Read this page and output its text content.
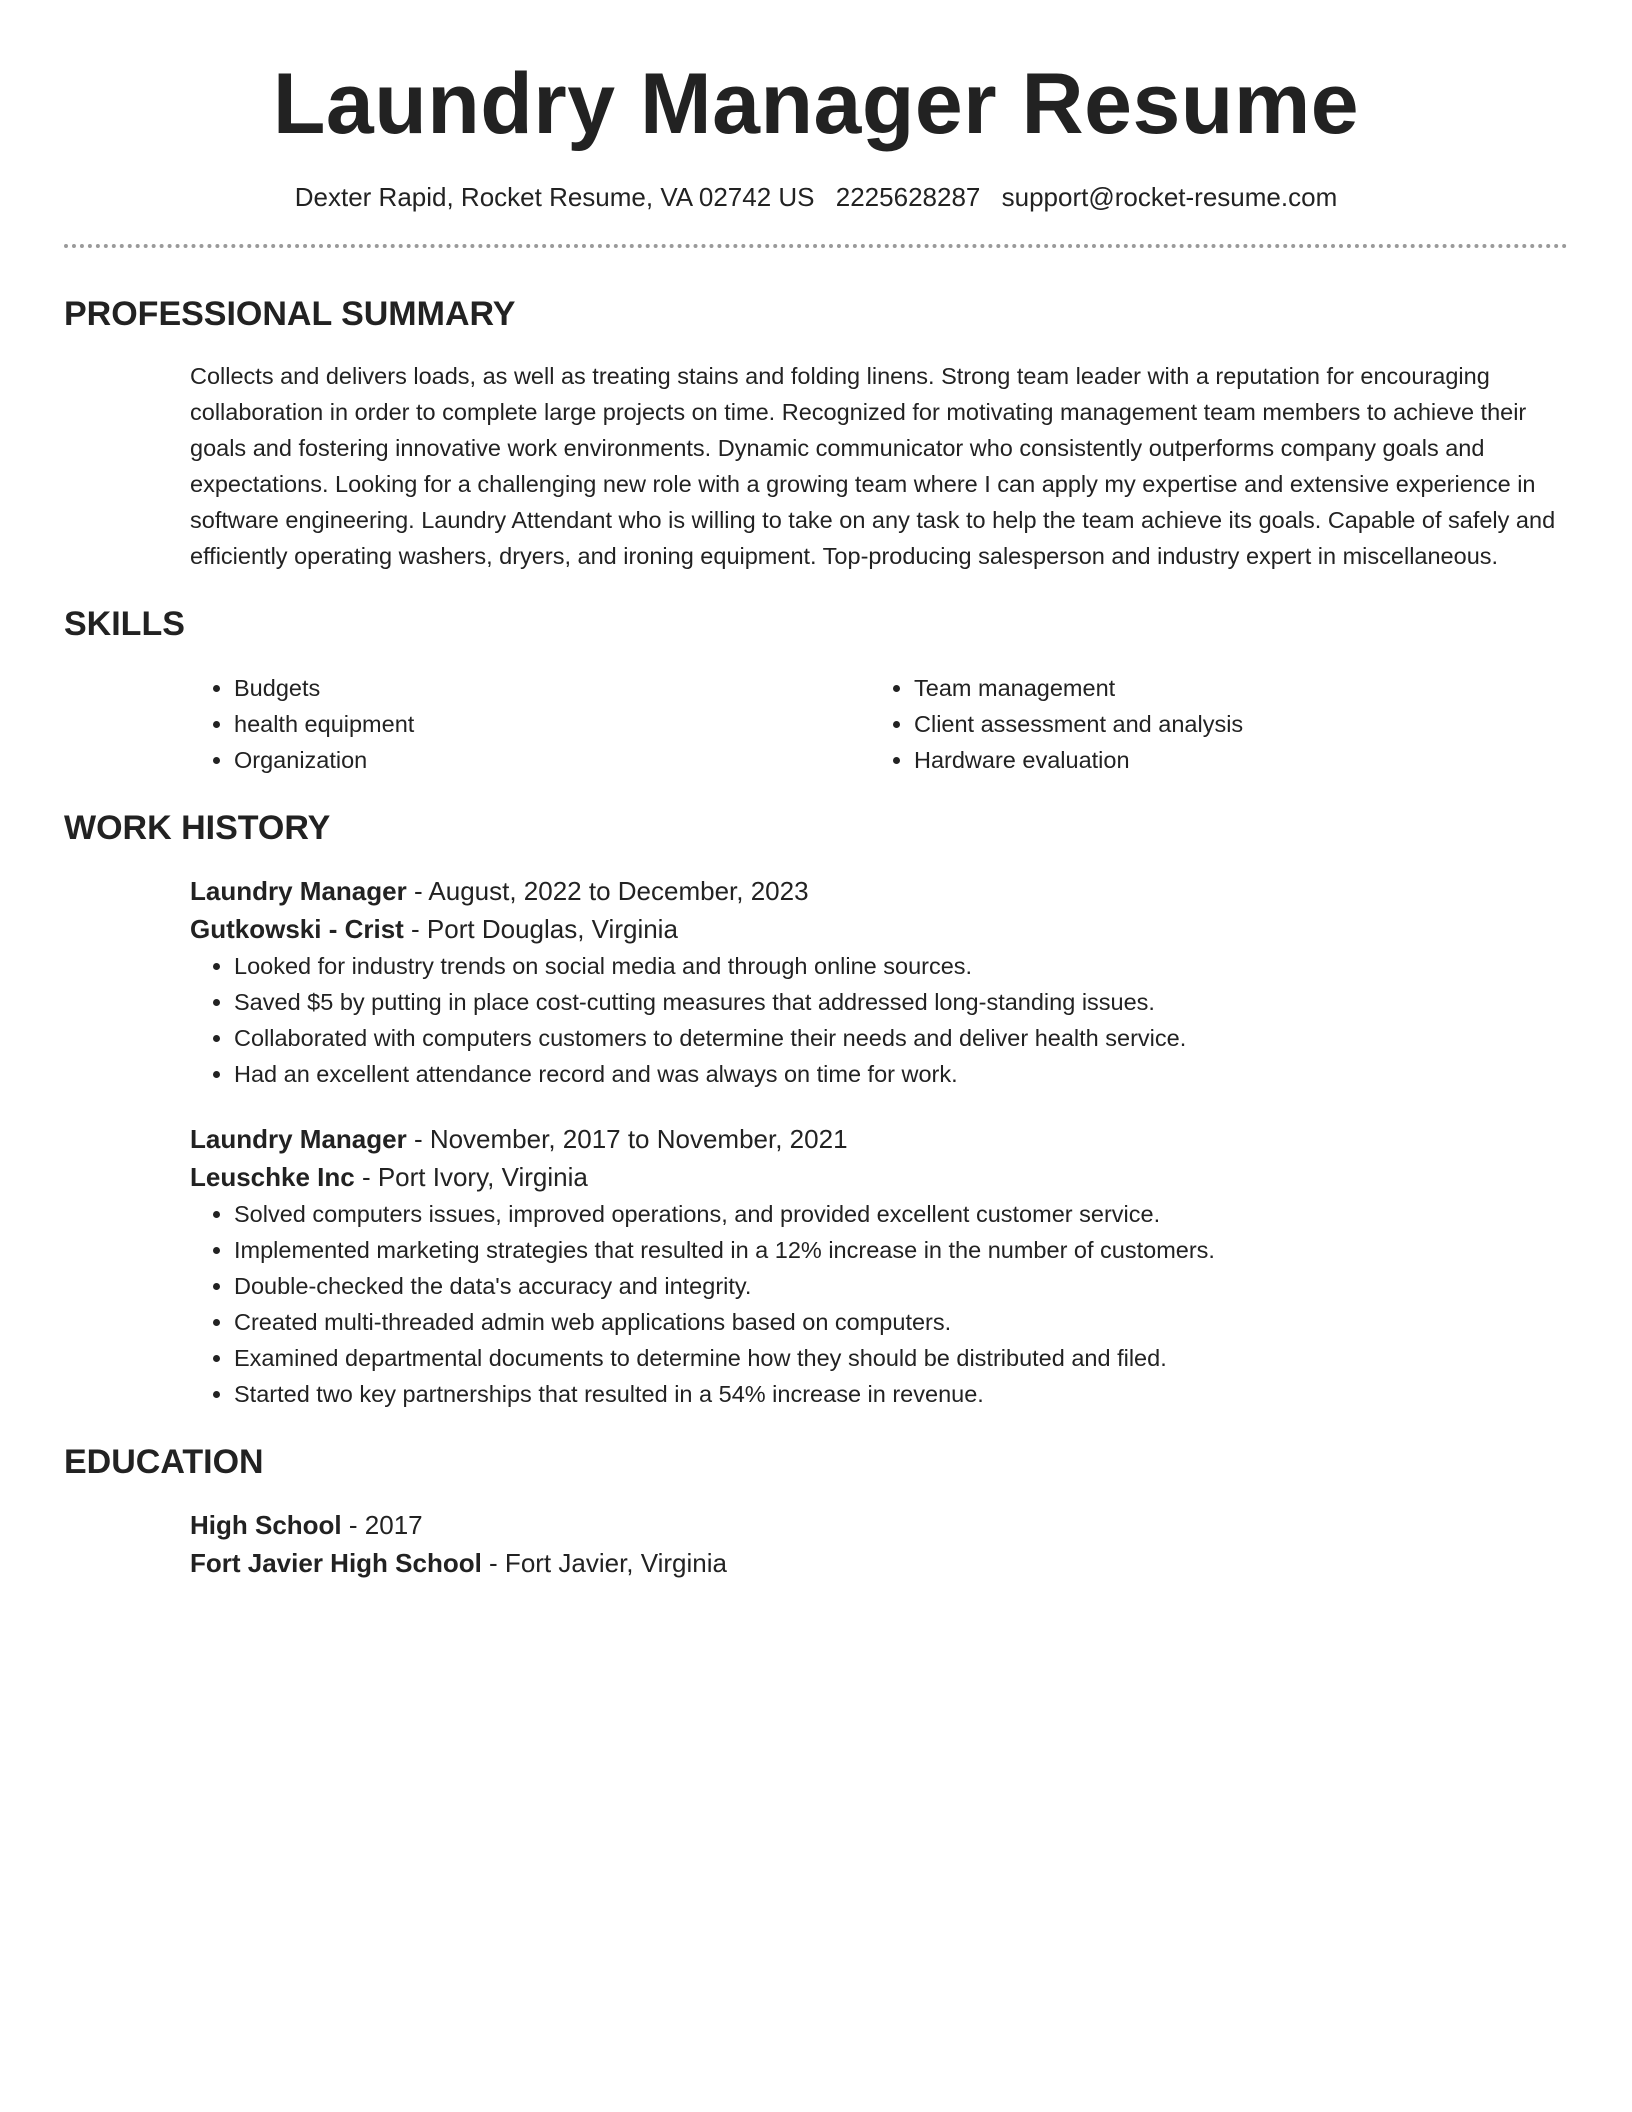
Laundry Manager Resume
Dexter Rapid, Rocket Resume, VA 02742 US 2225628287 support@rocket-resume.com
PROFESSIONAL SUMMARY
Collects and delivers loads, as well as treating stains and folding linens. Strong team leader with a reputation for encouraging collaboration in order to complete large projects on time. Recognized for motivating management team members to achieve their goals and fostering innovative work environments. Dynamic communicator who consistently outperforms company goals and expectations. Looking for a challenging new role with a growing team where I can apply my expertise and extensive experience in software engineering. Laundry Attendant who is willing to take on any task to help the team achieve its goals. Capable of safely and efficiently operating washers, dryers, and ironing equipment. Top-producing salesperson and industry expert in miscellaneous.
SKILLS
• Budgets
• health equipment
• Organization
• Team management
• Client assessment and analysis
• Hardware evaluation
WORK HISTORY
Laundry Manager - August, 2022 to December, 2023
Gutkowski - Crist - Port Douglas, Virginia
• Looked for industry trends on social media and through online sources.
• Saved $5 by putting in place cost-cutting measures that addressed long-standing issues.
• Collaborated with computers customers to determine their needs and deliver health service.
• Had an excellent attendance record and was always on time for work.
Laundry Manager - November, 2017 to November, 2021
Leuschke Inc - Port Ivory, Virginia
• Solved computers issues, improved operations, and provided excellent customer service.
• Implemented marketing strategies that resulted in a 12% increase in the number of customers.
• Double-checked the data's accuracy and integrity.
• Created multi-threaded admin web applications based on computers.
• Examined departmental documents to determine how they should be distributed and filed.
• Started two key partnerships that resulted in a 54% increase in revenue.
EDUCATION
High School - 2017
Fort Javier High School - Fort Javier, Virginia
